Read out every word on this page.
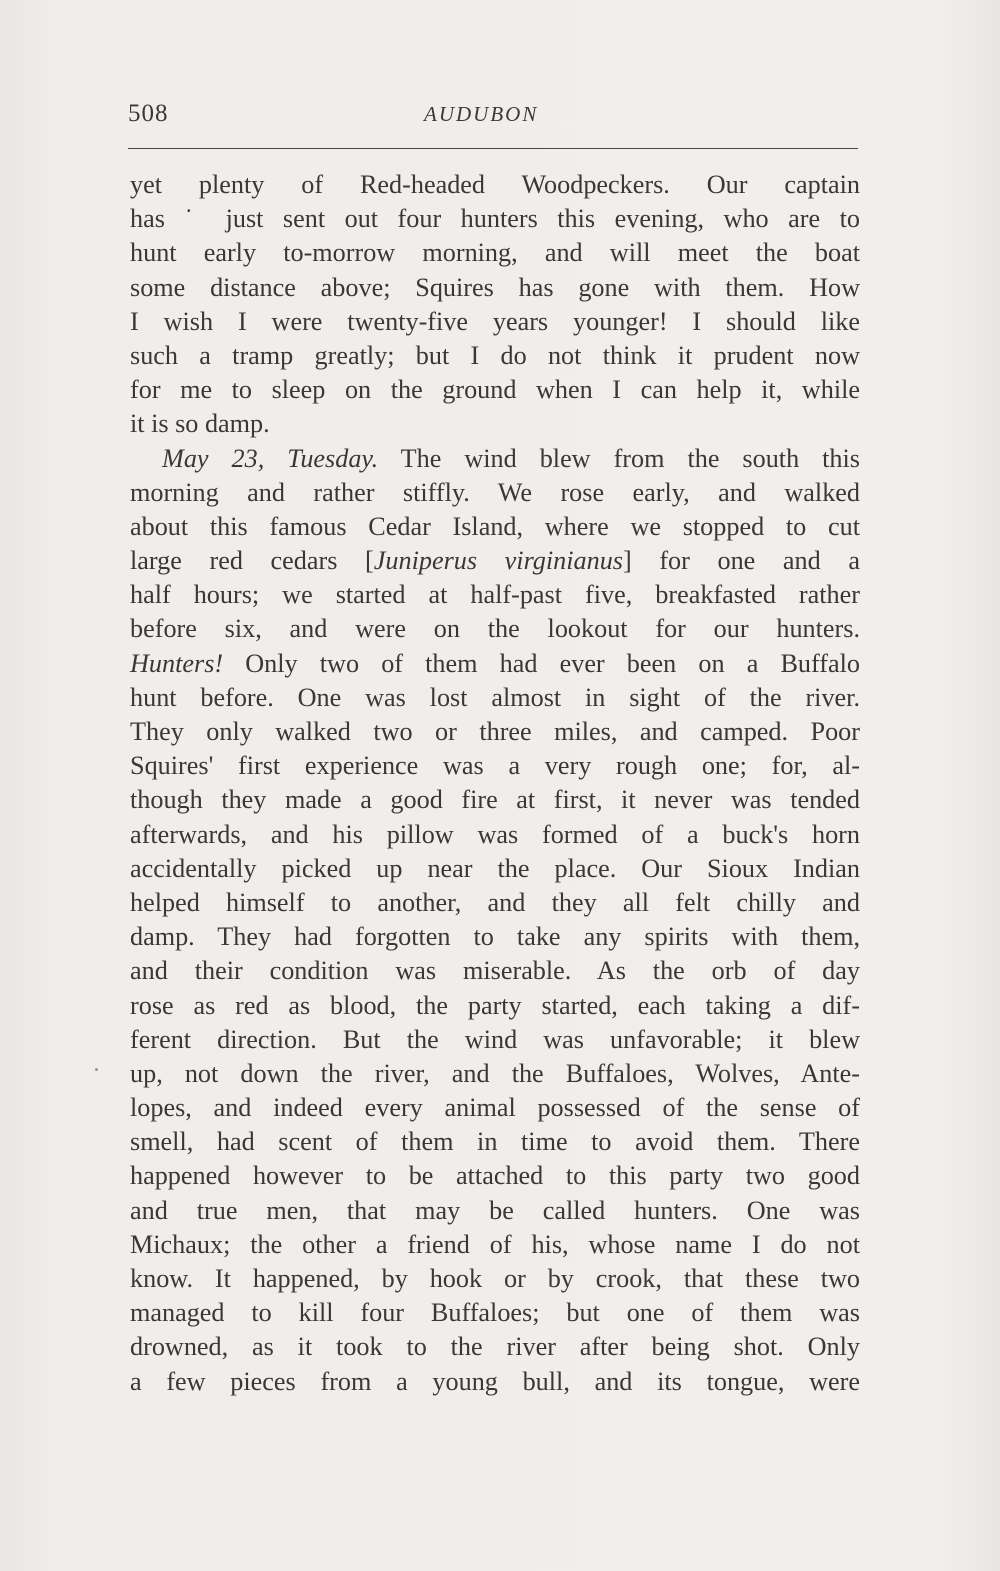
508	AUDUBON
yet plenty of Red-headed Woodpeckers. Our captain
has ˙ just sent out four hunters this evening, who are to
hunt early to-morrow morning, and will meet the boat
some distance above; Squires has gone with them. How
I wish I were twenty-five years younger! I should like
such a tramp greatly; but I do not think it prudent now
for me to sleep on the ground when I can help it, while
it is so damp.
May 23, Tuesday. The wind blew from the south this
morning and rather stiffly. We rose early, and walked
about this famous Cedar Island, where we stopped to cut
large red cedars [Juniperus virginianus] for one and a
half hours; we started at half-past five, breakfasted rather
before six, and were on the lookout for our hunters.
Hunters! Only two of them had ever been on a Buffalo
hunt before. One was lost almost in sight of the river.
They only walked two or three miles, and camped. Poor
Squires' first experience was a very rough one; for, al-
though they made a good fire at first, it never was tended
afterwards, and his pillow was formed of a buck's horn
accidentally picked up near the place. Our Sioux Indian
helped himself to another, and they all felt chilly and
damp. They had forgotten to take any spirits with them,
and their condition was miserable. As the orb of day
rose as red as blood, the party started, each taking a dif-
ferent direction. But the wind was unfavorable; it blew
up, not down the river, and the Buffaloes, Wolves, Ante-
lopes, and indeed every animal possessed of the sense of
smell, had scent of them in time to avoid them. There
happened however to be attached to this party two good
and true men, that may be called hunters. One was
Michaux; the other a friend of his, whose name I do not
know. It happened, by hook or by crook, that these two
managed to kill four Buffaloes; but one of them was
drowned, as it took to the river after being shot. Only
a few pieces from a young bull, and its tongue, were
